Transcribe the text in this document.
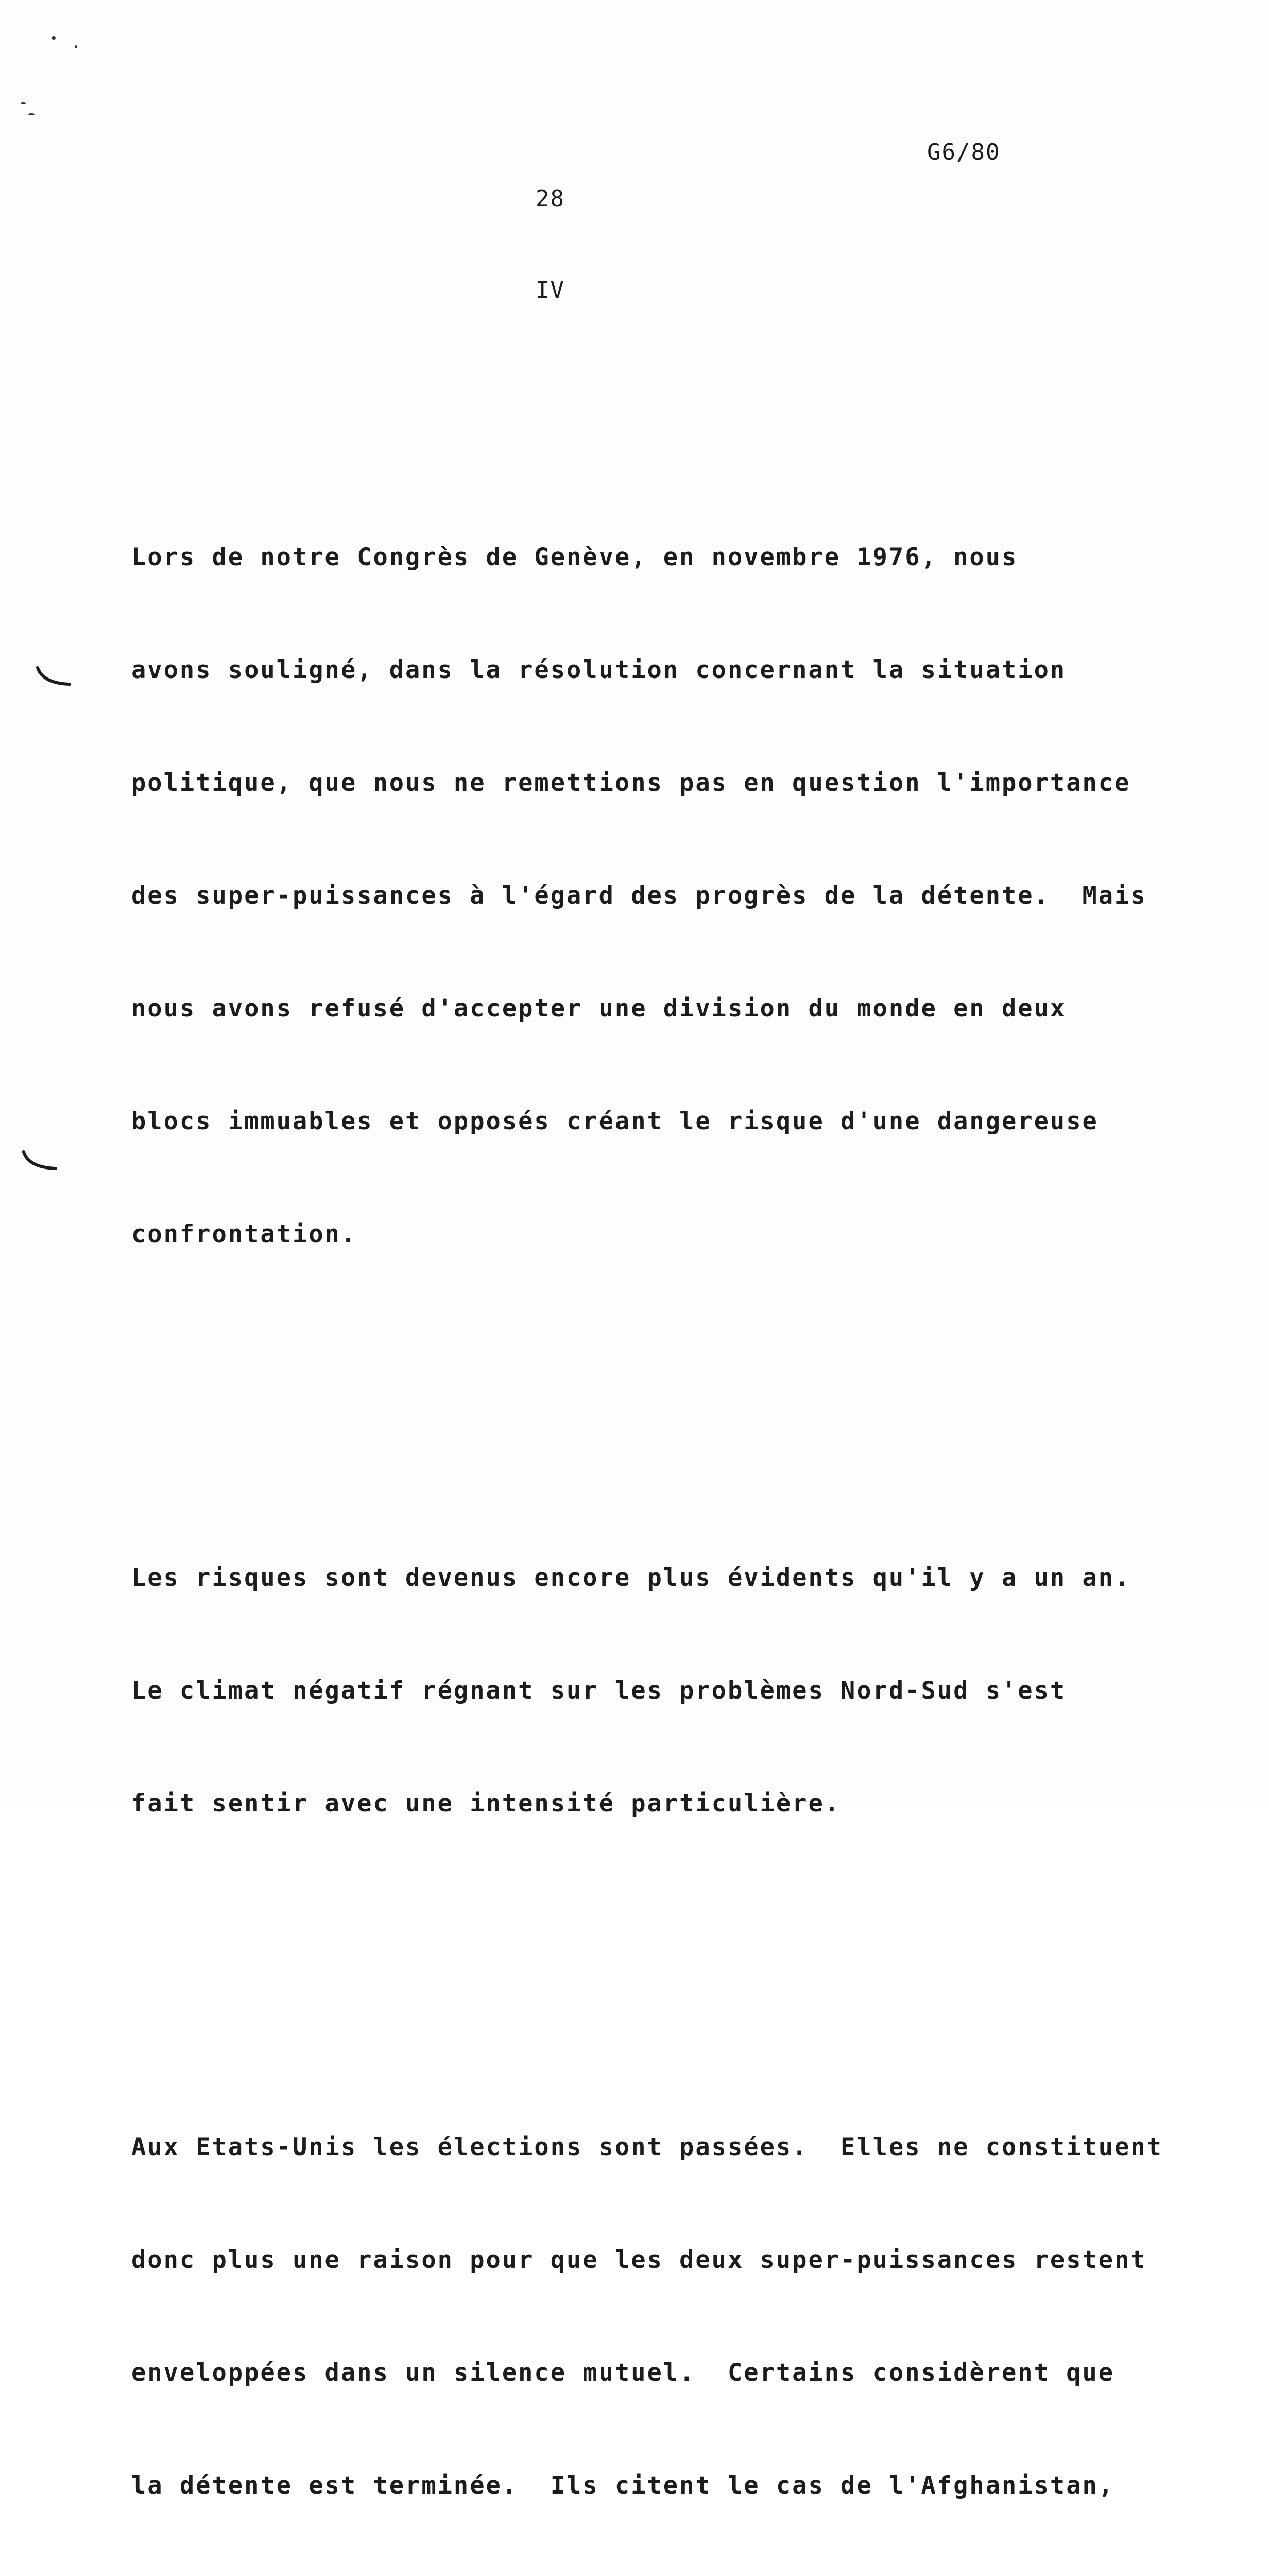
G6/80
28
IV

Lors de notre Congrès de Genève, en novembre 1976, nous

avons souligné, dans la résolution concernant la situation

politique, que nous ne remettions pas en question l'importance

des super-puissances à l'égard des progrès de la détente.  Mais

nous avons refusé d'accepter une division du monde en deux

blocs immuables et opposés créant le risque d'une dangereuse

confrontation.

Les risques sont devenus encore plus évidents qu'il y a un an.

Le climat négatif régnant sur les problèmes Nord-Sud s'est

fait sentir avec une intensité particulière.

Aux Etats-Unis les élections sont passées.  Elles ne constituent

donc plus une raison pour que les deux super-puissances restent

enveloppées dans un silence mutuel.  Certains considèrent que

la détente est terminée.  Ils citent le cas de l'Afghanistan,
